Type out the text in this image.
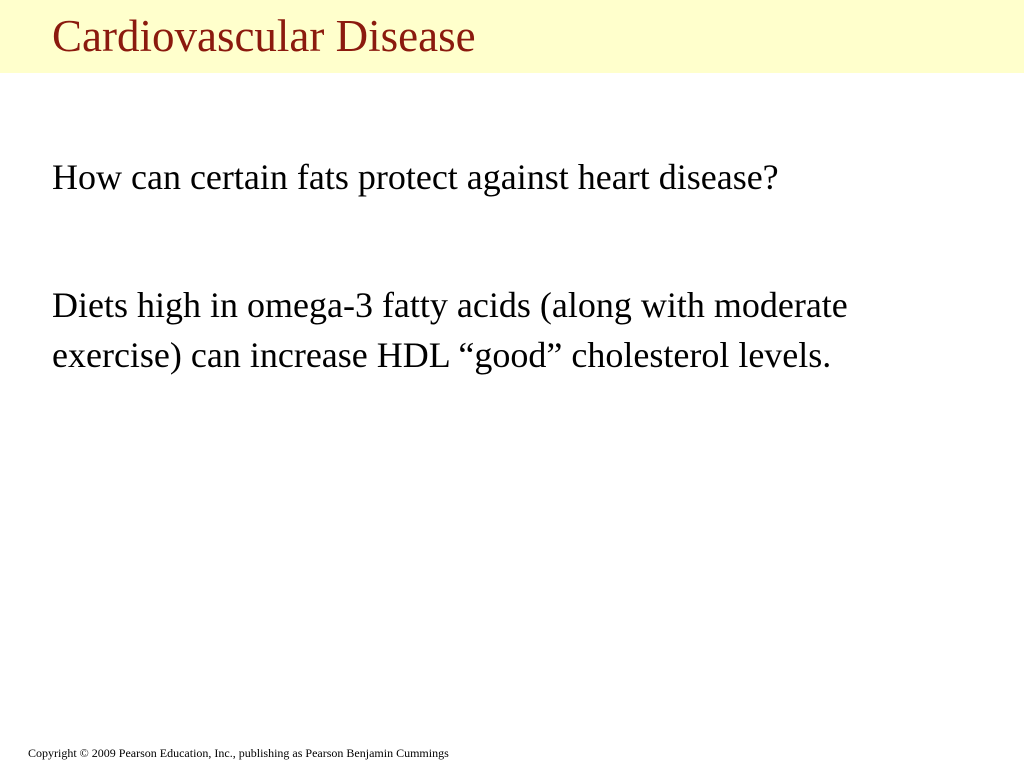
Cardiovascular Disease

How can certain fats protect against heart disease?

Diets high in omega-3 fatty acids (along with moderate exercise) can increase HDL “good” cholesterol levels.

Copyright © 2009 Pearson Education, Inc., publishing as Pearson Benjamin Cummings
